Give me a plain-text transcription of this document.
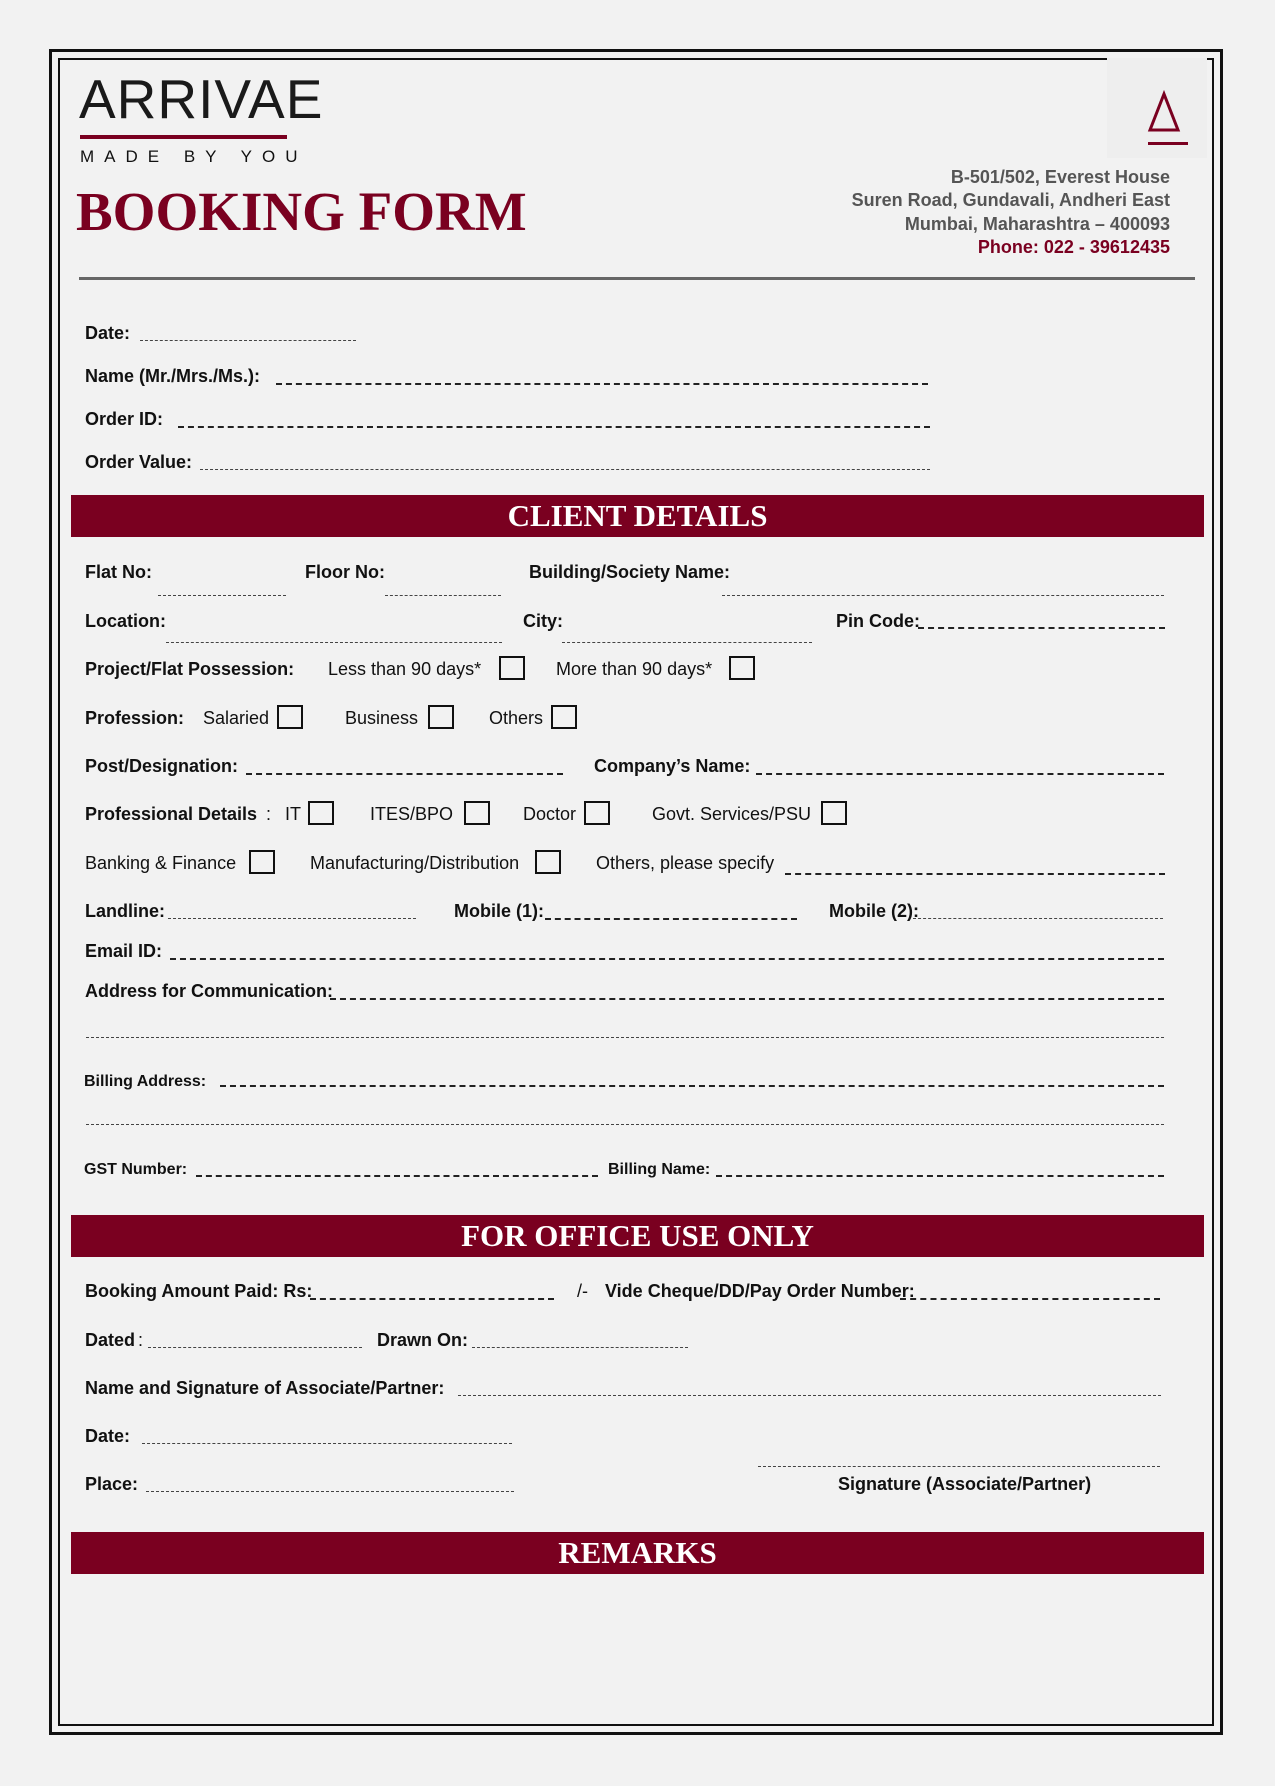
ARRIVAE
MADE BY YOU
BOOKING FORM
B-501/502, Everest House
Suren Road, Gundavali, Andheri East
Mumbai, Maharashtra – 400093
Phone: 022 - 39612435
Date:
Name (Mr./Mrs./Ms.):
Order ID:
Order Value:
CLIENT DETAILS
Flat No:	Floor No:	Building/Society Name:
Location:	City:	Pin Code:
Project/Flat Possession: Less than 90 days*	More than 90 days*
Profession: Salaried	Business	Others
Post/Designation:	Company’s Name:
Professional Details : IT	ITES/BPO	Doctor	Govt. Services/PSU
Banking & Finance	Manufacturing/Distribution	Others, please specify
Landline:	Mobile (1):	Mobile (2):
Email ID:
Address for Communication:
Billing Address:
GST Number:	Billing Name:
FOR OFFICE USE ONLY
Booking Amount Paid: Rs:	/- Vide Cheque/DD/Pay Order Number:
Dated :	Drawn On:
Name and Signature of Associate/Partner:
Date:
Signature (Associate/Partner)
Place:
REMARKS
